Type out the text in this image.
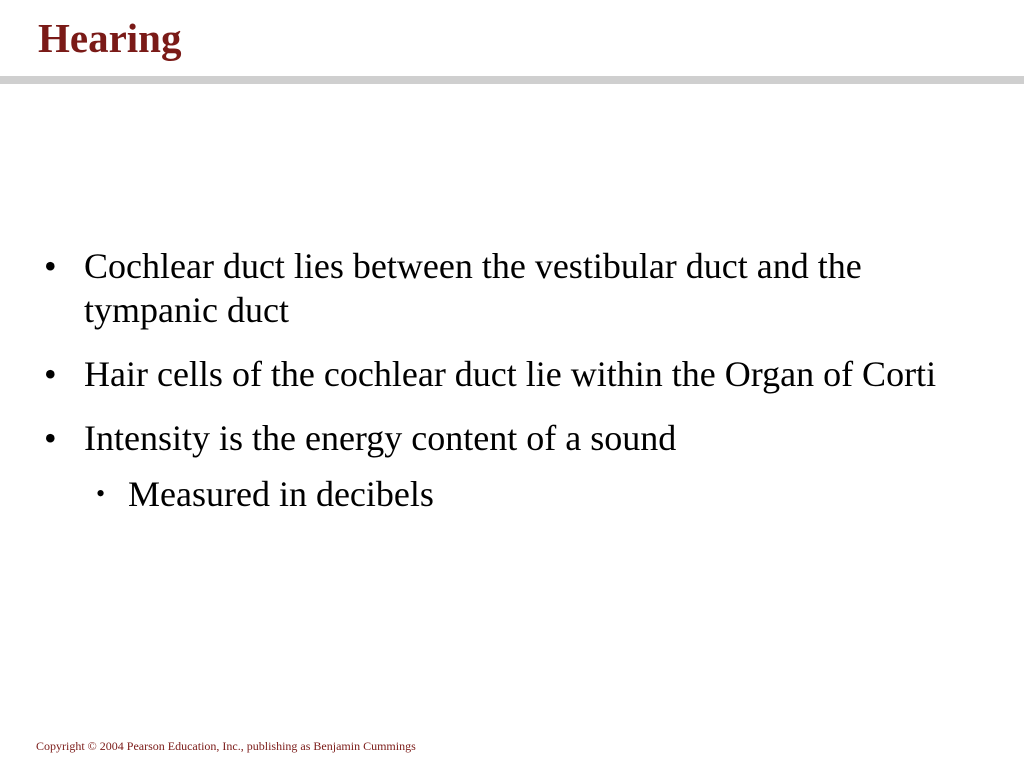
Hearing
• Cochlear duct lies between the vestibular duct and the tympanic duct
• Hair cells of the cochlear duct lie within the Organ of Corti
• Intensity is the energy content of a sound
• Measured in decibels
Copyright © 2004 Pearson Education, Inc., publishing as Benjamin Cummings
